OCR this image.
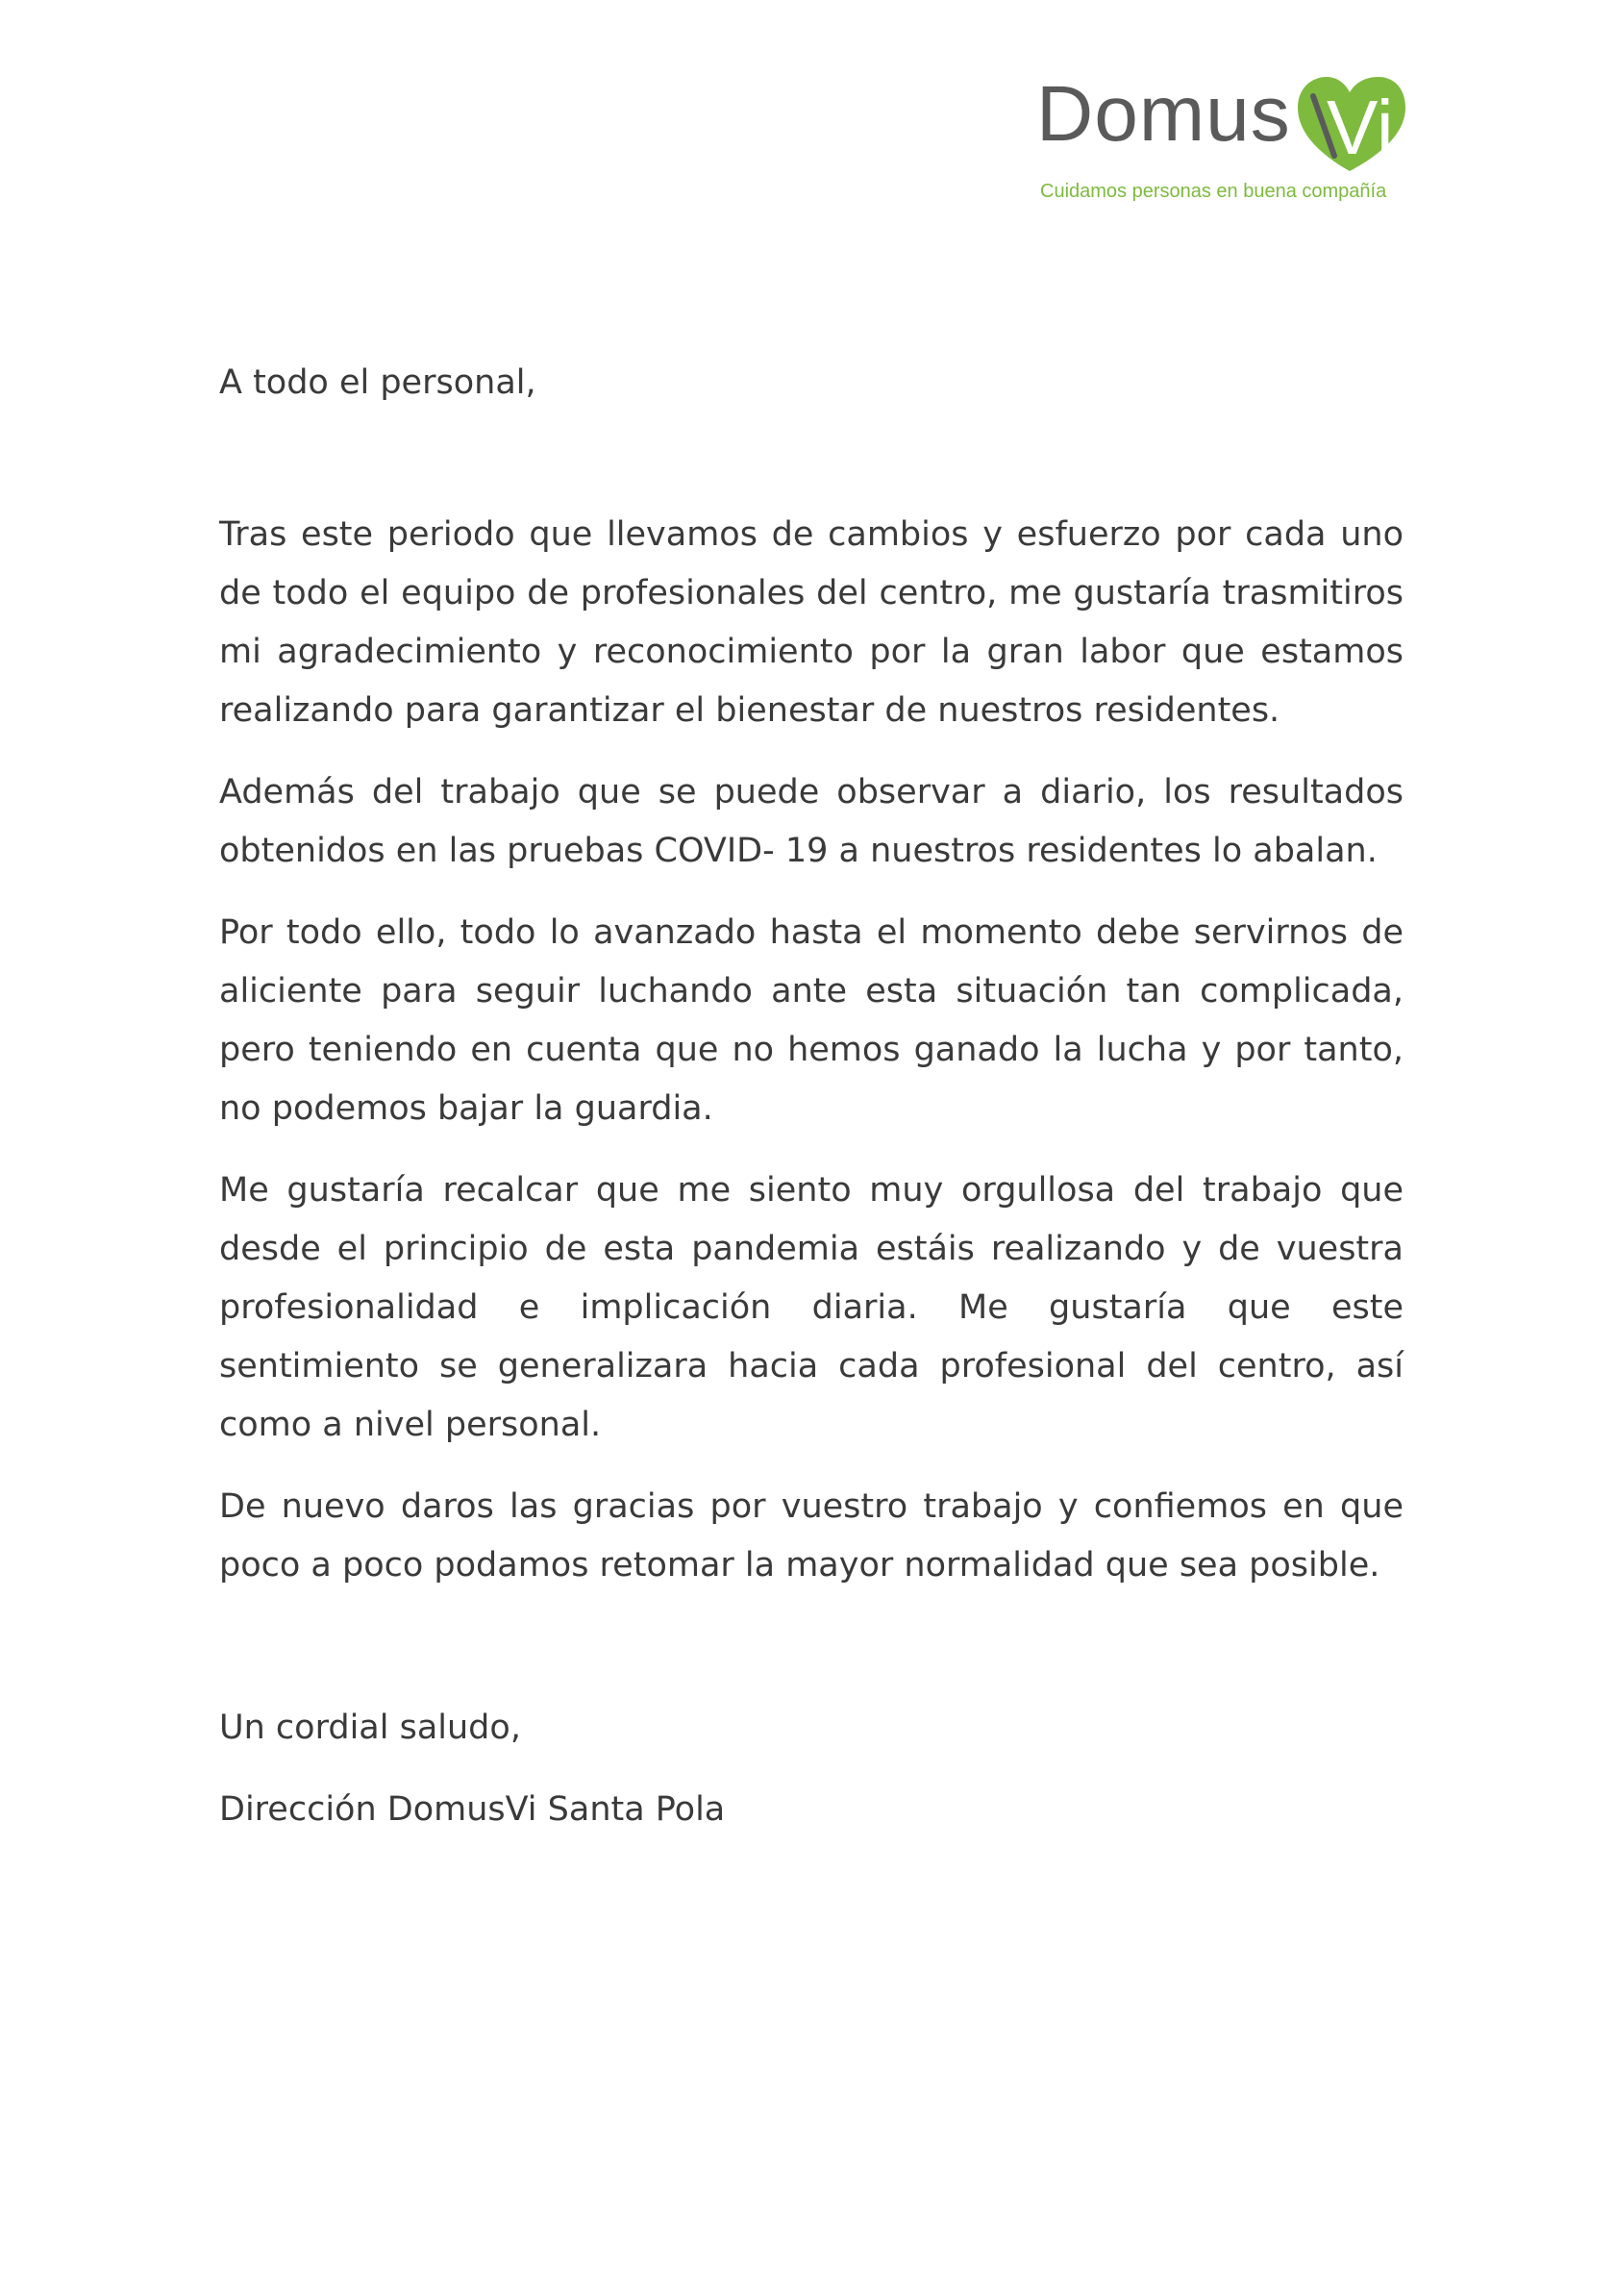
Domus Vi
Cuidamos personas en buena compañía

A todo el personal,

Tras este periodo que llevamos de cambios y esfuerzo por cada uno de todo el equipo de profesionales del centro, me gustaría trasmitiros mi agradecimiento y reconocimiento por la gran labor que estamos realizando para garantizar el bienestar de nuestros residentes.

Además del trabajo que se puede observar a diario, los resultados obtenidos en las pruebas COVID- 19 a nuestros residentes lo abalan.

Por todo ello, todo lo avanzado hasta el momento debe servirnos de aliciente para seguir luchando ante esta situación tan complicada, pero teniendo en cuenta que no hemos ganado la lucha y por tanto, no podemos bajar la guardia.

Me gustaría recalcar que me siento muy orgullosa del trabajo que desde el principio de esta pandemia estáis realizando y de vuestra profesionalidad e implicación diaria. Me gustaría que este sentimiento se generalizara hacia cada profesional del centro, así como a nivel personal.

De nuevo daros las gracias por vuestro trabajo y confiemos en que poco a poco podamos retomar la mayor normalidad que sea posible.

Un cordial saludo,

Dirección DomusVi Santa Pola
